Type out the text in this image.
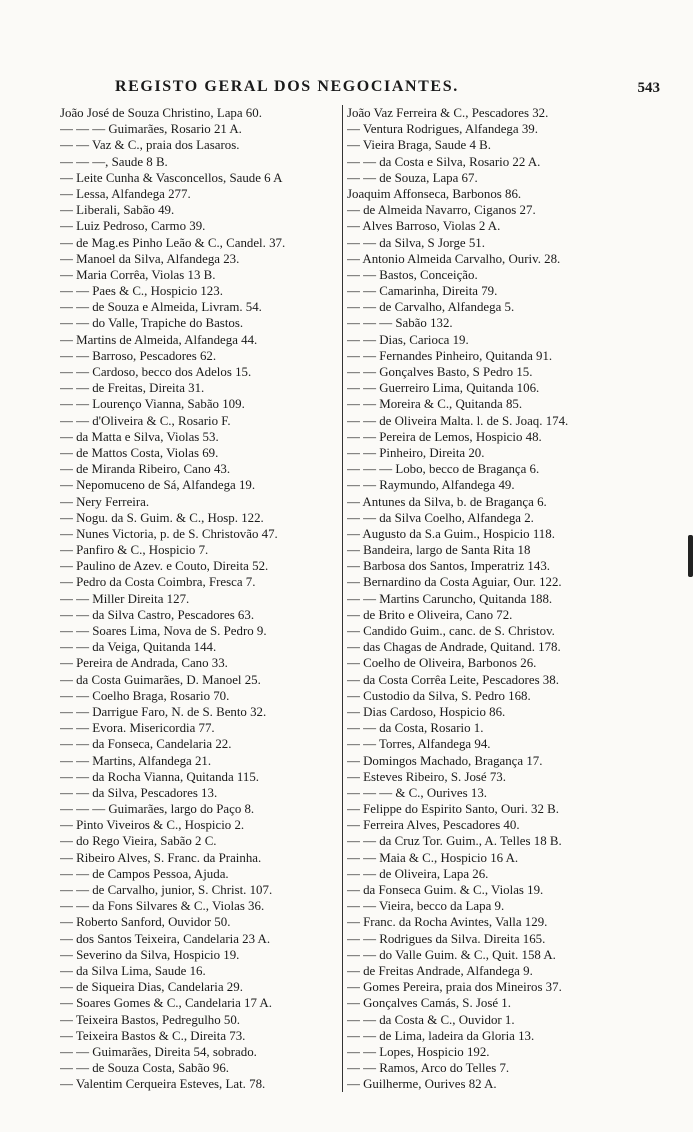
REGISTO GERAL DOS NEGOCIANTES.	543
João José de Souza Christino, Lapa 60.
— — — Guimarães, Rosario 21 A.
— — Vaz & C., praia dos Lasaros.
— — —, Saude 8 B.
— Leite Cunha & Vasconcellos, Saude 6 A
— Lessa, Alfandega 277.
— Liberali, Sabão 49.
— Luiz Pedroso, Carmo 39.
— de Mag.es Pinho Leão & C., Candel. 37.
— Manoel da Silva, Alfandega 23.
— Maria Corrêa, Violas 13 B.
— — Paes & C., Hospicio 123.
— — de Souza e Almeida, Livram. 54.
— — do Valle, Trapiche do Bastos.
— Martins de Almeida, Alfandega 44.
— — Barroso, Pescadores 62.
— — Cardoso, becco dos Adelos 15.
— — de Freitas, Direita 31.
— — Lourenço Vianna, Sabão 109.
— — d'Oliveira & C., Rosario F.
— da Matta e Silva, Violas 53.
— de Mattos Costa, Violas 69.
— de Miranda Ribeiro, Cano 43.
— Nepomuceno de Sá, Alfandega 19.
— Nery Ferreira.
— Nogu. da S. Guim. & C., Hosp. 122.
— Nunes Victoria, p. de S. Christovão 47.
— Panfiro & C., Hospicio 7.
— Paulino de Azev. e Couto, Direita 52.
— Pedro da Costa Coimbra, Fresca 7.
— — Miller Direita 127.
— — da Silva Castro, Pescadores 63.
— — Soares Lima, Nova de S. Pedro 9.
— — da Veiga, Quitanda 144.
— Pereira de Andrada, Cano 33.
— da Costa Guimarães, D. Manoel 25.
— — Coelho Braga, Rosario 70.
— — Darrigue Faro, N. de S. Bento 32.
— — Evora. Misericordia 77.
— — da Fonseca, Candelaria 22.
— — Martins, Alfandega 21.
— — da Rocha Vianna, Quitanda 115.
— — da Silva, Pescadores 13.
— — — Guimarães, largo do Paço 8.
— Pinto Viveiros & C., Hospicio 2.
— do Rego Vieira, Sabão 2 C.
— Ribeiro Alves, S. Franc. da Prainha.
— — de Campos Pessoa, Ajuda.
— — de Carvalho, junior, S. Christ. 107.
— — da Fons Silvares & C., Violas 36.
— Roberto Sanford, Ouvidor 50.
— dos Santos Teixeira, Candelaria 23 A.
— Severino da Silva, Hospicio 19.
— da Silva Lima, Saude 16.
— de Siqueira Dias, Candelaria 29.
— Soares Gomes & C., Candelaria 17 A.
— Teixeira Bastos, Pedregulho 50.
— Teixeira Bastos & C., Direita 73.
— — Guimarães, Direita 54, sobrado.
— — de Souza Costa, Sabão 96.
— Valentim Cerqueira Esteves, Lat. 78.
João Vaz Ferreira & C., Pescadores 32.
— Ventura Rodrigues, Alfandega 39.
— Vieira Braga, Saude 4 B.
— — da Costa e Silva, Rosario 22 A.
— — de Souza, Lapa 67.
Joaquim Affonseca, Barbonos 86.
— de Almeida Navarro, Ciganos 27.
— Alves Barroso, Violas 2 A.
— — da Silva, S Jorge 51.
— Antonio Almeida Carvalho, Ouriv. 28.
— — Bastos, Conceição.
— — Camarinha, Direita 79.
— — de Carvalho, Alfandega 5.
— — — Sabão 132.
— — Dias, Carioca 19.
— — Fernandes Pinheiro, Quitanda 91.
— — Gonçalves Basto, S Pedro 15.
— — Guerreiro Lima, Quitanda 106.
— — Moreira & C., Quitanda 85.
— — de Oliveira Malta. l. de S. Joaq. 174.
— — Pereira de Lemos, Hospicio 48.
— — Pinheiro, Direita 20.
— — — Lobo, becco de Bragança 6.
— — Raymundo, Alfandega 49.
— Antunes da Silva, b. de Bragança 6.
— — da Silva Coelho, Alfandega 2.
— Augusto da S.a Guim., Hospicio 118.
— Bandeira, largo de Santa Rita 18
— Barbosa dos Santos, Imperatriz 143.
— Bernardino da Costa Aguiar, Our. 122.
— — Martins Caruncho, Quitanda 188.
— de Brito e Oliveira, Cano 72.
— Candido Guim., canc. de S. Christov.
— das Chagas de Andrade, Quitand. 178.
— Coelho de Oliveira, Barbonos 26.
— da Costa Corrêa Leite, Pescadores 38.
— Custodio da Silva, S. Pedro 168.
— Dias Cardoso, Hospicio 86.
— — da Costa, Rosario 1.
— — Torres, Alfandega 94.
— Domingos Machado, Bragança 17.
— Esteves Ribeiro, S. José 73.
— — — & C., Ourives 13.
— Felippe do Espirito Santo, Ouri. 32 B.
— Ferreira Alves, Pescadores 40.
— — da Cruz Tor. Guim., A. Telles 18 B.
— — Maia & C., Hospicio 16 A.
— — de Oliveira, Lapa 26.
— da Fonseca Guim. & C., Violas 19.
— — Vieira, becco da Lapa 9.
— Franc. da Rocha Avintes, Valla 129.
— — Rodrigues da Silva. Direita 165.
— — do Valle Guim. & C., Quit. 158 A.
— de Freitas Andrade, Alfandega 9.
— Gomes Pereira, praia dos Mineiros 37.
— Gonçalves Camás, S. José 1.
— — da Costa & C., Ouvidor 1.
— — de Lima, ladeira da Gloria 13.
— — Lopes, Hospicio 192.
— — Ramos, Arco do Telles 7.
— Guilherme, Ourives 82 A.
